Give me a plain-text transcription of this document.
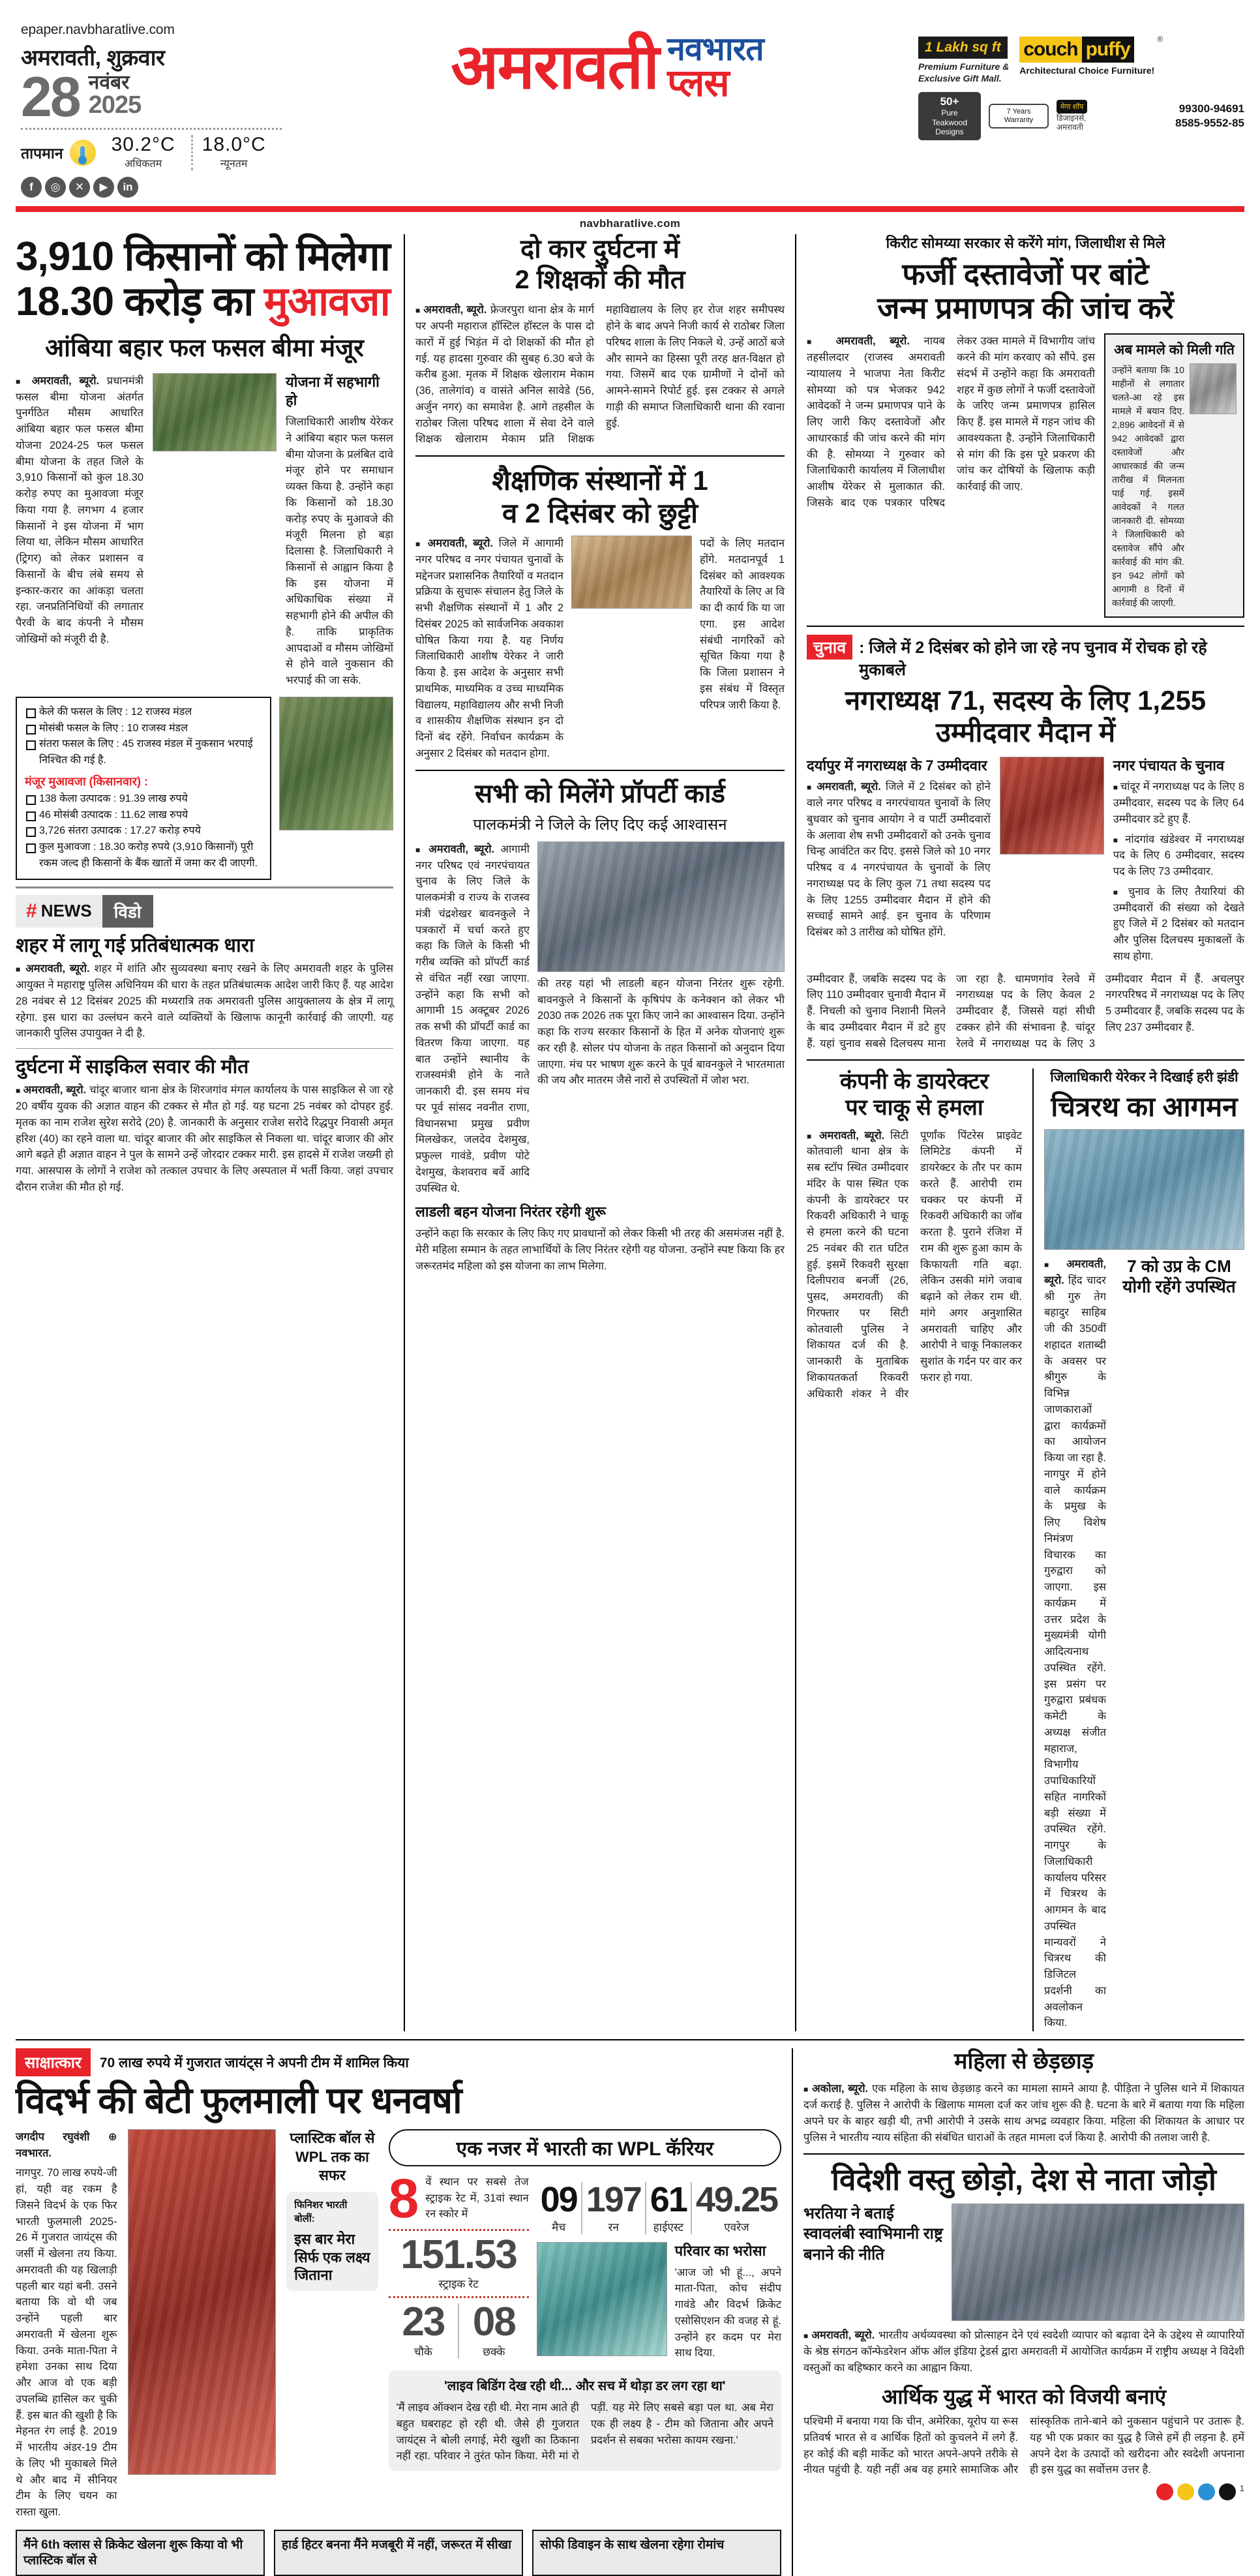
epaper.navbharatlive.com
अमरावती, शुक्रवार
28 नवंबर
2025
तापमान 30.2°C
अधिकतम
18.0°C
न्यूनतम
f	◎	✕	▶	in
अमरावती नवभारत
प्लस
1 Lakh sq ft
Premium Furniture &
Exclusive Gift Mall.
couch puffy	®
Architectural Choice Furniture!
50+
Pure Teakwood Designs
7 Years Warranty
मेगा शॉप
डिजाइनर्स,
अमरावती
99300-94691
8585-9552-85
navbharatlive.com
3,910 किसानों को मिलेगा
18.30 करोड़ का मुआवजा
आंबिया बहार फल फसल बीमा मंजूर

■ अमरावती, ब्यूरो. प्रधानमंत्री फसल बीमा योजना अंतर्गत पुनर्गठित मौसम आधारित आंबिया बहार फल फसल बीमा योजना 2024-25 फल फसल बीमा योजना के तहत जिले के 3,910 किसानों को कुल 18.30 करोड़ रुपए का मुआवजा मंजूर किया गया है. लगभग 4 हजार किसानों ने इस योजना में भाग लिया था, लेकिन मौसम आधारित (ट्रिगर) को लेकर प्रशासन व किसानों के बीच लंबे समय से इन्कार-करार का आंकड़ा चलता रहा. जनप्रतिनिधियों की लगातार पैरवी के बाद कंपनी ने मौसम जोखिमों को मंजूरी दी है.

योजना में सहभागी हो

जिलाधिकारी आशीष येरेकर ने आंबिया बहार फल फसल बीमा योजना के प्रलंबित दावे मंजूर होने पर समाधान व्यक्त किया है. उन्होंने कहा कि किसानों को 18.30 करोड़ रुपए के मुआवजे की मंजूरी मिलना हो बड़ा दिलासा है. जिलाधिकारी ने किसानों से आह्वान किया है कि इस योजना में अधिकाधिक संख्या में सहभागी होने की अपील की है. ताकि प्राकृतिक आपदाओं व मौसम जोखिमों से होने वाले नुकसान की भरपाई की जा सके.

केले की फसल के लिए : 12 राजस्व मंडल
मोसंबी फसल के लिए : 10 राजस्व मंडल
संतरा फसल के लिए : 45 राजस्व मंडल में नुकसान भरपाई निश्चित की गई है.
मंजूर मुआवजा (किसानवार) :
138 केला उत्पादक : 91.39 लाख रुपये
46 मोसंबी उत्पादक : 11.62 लाख रुपये
3,726 संतरा उत्पादक : 17.27 करोड़ रुपये
कुल मुआवजा : 18.30 करोड़ रुपये (3,910 किसानों) पूरी रकम जल्द ही किसानों के बैंक खातों में जमा कर दी जाएगी.
# NEWS	विडो
शहर में लागू गई प्रतिबंधात्मक धारा

■ अमरावती, ब्यूरो. शहर में शांति और सुव्यवस्था बनाए रखने के लिए अमरावती शहर के पुलिस आयुक्त ने महाराष्ट्र पुलिस अधिनियम की धारा के तहत प्रतिबंधात्मक आदेश जारी किए हैं. यह आदेश 28 नवंबर से 12 दिसंबर 2025 की मध्यरात्रि तक अमरावती पुलिस आयुक्तालय के क्षेत्र में लागू रहेगा. इस धारा का उल्लंघन करने वाले व्यक्तियों के खिलाफ कानूनी कार्रवाई की जाएगी. यह जानकारी पुलिस उपायुक्त ने दी है.

दुर्घटना में साइकिल सवार की मौत

■ अमरावती, ब्यूरो. चांदूर बाजार थाना क्षेत्र के शिरजगांव मंगल कार्यालय के पास साइकिल से जा रहे 20 वर्षीय युवक की अज्ञात वाहन की टक्कर से मौत हो गई. यह घटना 25 नवंबर को दोपहर हुई. मृतक का नाम राजेश सुरेश सरोदे (20) है. जानकारी के अनुसार राजेश सरोदे रिद्धपुर निवासी अमृत हरिश (40) का रहने वाला था. चांदूर बाजार की ओर साइकिल से निकला था. चांदूर बाजार की ओर आगे बढ़ते ही अज्ञात वाहन ने पुल के सामने उन्हें जोरदार टक्कर मारी. इस हादसे में राजेश जख्मी हो गया. आसपास के लोगों ने राजेश को तत्काल उपचार के लिए अस्पताल में भर्ती किया. जहां उपचार दौरान राजेश की मौत हो गई.

दो कार दुर्घटना में
2 शिक्षकों की मौत

■ अमरावती, ब्यूरो. फ्रेजरपुरा थाना क्षेत्र के मार्ग पर अपनी महाराज हॉस्टिल हॉस्टल के पास दो कारों में हुई भिड़ंत में दो शिक्षकों की मौत हो गई. यह हादसा गुरुवार की सुबह 6.30 बजे के करीब हुआ. मृतक में शिक्षक खेलाराम मेकाम (36, तालेगांव) व वासंते अनिल सावेडे (56, अर्जुन नगर) का समावेश है. आगे तहसील के राठोबर जिला परिषद शाला में सेवा देने वाले शिक्षक खेलाराम मेकाम प्रति शिक्षक महाविद्यालय के लिए हर रोज शहर समीपस्थ होने के बाद अपने निजी कार्य से राठोबर जिला परिषद शाला के लिए निकले थे. उन्हें आठों बजे और सामने का हिस्सा पूरी तरह क्षत-विक्षत हो गया. जिसमें बाद एक ग्रामीणों ने दोनों को आमने-सामने रिपोर्ट हुई. इस टक्कर से अगले गाड़ी की समाप्त जिलाधिकारी थाना की रवाना हुई.

शैक्षणिक संस्थानों में 1
व 2 दिसंबर को छुट्टी

■ अमरावती, ब्यूरो. जिले में आगामी नगर परिषद व नगर पंचायत चुनावों के मद्देनजर प्रशासनिक तैयारियों व मतदान प्रक्रिया के सुचारू संचालन हेतु जिले के सभी शैक्षणिक संस्थानों में 1 और 2 दिसंबर 2025 को सार्वजनिक अवकाश घोषित किया गया है. यह निर्णय जिलाधिकारी आशीष येरेकर ने जारी किया है. इस आदेश के अनुसार सभी प्राथमिक, माध्यमिक व उच्च माध्यमिक विद्यालय, महाविद्यालय और सभी निजी व शासकीय शैक्षणिक संस्थान इन दो दिनों बंद रहेंगे. निर्वाचन कार्यक्रम के अनुसार 2 दिसंबर को मतदान होगा.

पदों के लिए मतदान होंगे. मतदानपूर्व 1 दिसंबर को आवश्यक तैयारियों के लिए अ वि का दी कार्य कि या जा एगा. इस आदेश संबंधी नागरिकों को सूचित किया गया है कि जिला प्रशासन ने इस संबंध में विस्तृत परिपत्र जारी किया है.

सभी को मिलेंगे प्रॉपर्टी कार्ड
पालकमंत्री ने जिले के लिए दिए कई आश्वासन

■ अमरावती, ब्यूरो. आगामी नगर परिषद एवं नगरपंचायत चुनाव के लिए जिले के पालकमंत्री व राज्य के राजस्व मंत्री चंद्रशेखर बावनकुले ने पत्रकारों में चर्चा करते हुए कहा कि जिले के किसी भी गरीब व्यक्ति को प्रॉपर्टी कार्ड से वंचित नहीं रखा जाएगा. उन्होंने कहा कि सभी को आगामी 15 अक्टूबर 2026 तक सभी की प्रॉपर्टी कार्ड का वितरण किया जाएगा. यह बात उन्होंने स्थानीय के राजस्वमंत्री होने के नाते जानकारी दी. इस समय मंच पर पूर्व सांसद नवनीत राणा, विधानसभा प्रमुख प्रवीण मिलखेकर, जलदेव देशमुख, प्रफुल्ल गावंडे, प्रवीण पोटे देशमुख, केशवराव बर्वे आदि उपस्थित थे.

की तरह यहां भी लाडली बहन योजना निरंतर शुरू रहेगी. बावनकुले ने किसानों के कृषिपंप के कनेक्शन को लेकर भी 2030 तक 2026 तक पूरा किए जाने का आश्वासन दिया. उन्होंने कहा कि राज्य सरकार किसानों के हित में अनेक योजनाएं शुरू कर रही है. सोलर पंप योजना के तहत किसानों को अनुदान दिया जाएगा. मंच पर भाषण शुरू करने के पूर्व बावनकुले ने भारतमाता की जय और मातरम जैसे नारों से उपस्थितों में जोश भरा.

लाडली बहन योजना निरंतर रहेगी शुरू

उन्होंने कहा कि सरकार के लिए किए गए प्रावधानों को लेकर किसी भी तरह की असमंजस नहीं है. मेरी महिला सम्मान के तहत लाभार्थियों के लिए निरंतर रहेगी यह योजना. उन्होंने स्पष्ट किया कि हर जरूरतमंद महिला को इस योजना का लाभ मिलेगा.

किरीट सोमय्या सरकार से करेंगे मांग, जिलाधीश से मिले
फर्जी दस्तावेजों पर बांटे
जन्म प्रमाणपत्र की जांच करें

■ अमरावती, ब्यूरो. नायब तहसीलदार (राजस्व अमरावती न्यायालय ने भाजपा नेता किरीट सोमय्या को पत्र भेजकर 942 आवेदकों ने जन्म प्रमाणपत्र पाने के लिए जारी किए दस्तावेजों और आधारकार्ड की जांच करने की मांग की है. सोमय्या ने गुरुवार को जिलाधिकारी कार्यालय में जिलाधीश आशीष येरेकर से मुलाकात की. जिसके बाद एक पत्रकार परिषद लेकर उक्त मामले में विभागीय जांच करने की मांग करवाए को सौंपे. इस संदर्भ में उन्होंने कहा कि अमरावती शहर में कुछ लोगों ने फर्जी दस्तावेजों के जरिए जन्म प्रमाणपत्र हासिल किए हैं. इस मामले में गहन जांच की आवश्यकता है. उन्होंने जिलाधिकारी से मांग की कि इस पूरे प्रकरण की जांच कर दोषियों के खिलाफ कड़ी कार्रवाई की जाए.

अब मामले को मिली गति

उन्होंने बताया कि 10 माहीनों से लगातार चलते-आ रहे इस मामले में बयान दिए. 2,896 आवेदनों में से 942 आवेदकों द्वारा दस्तावेजों और आधारकार्ड की जन्म तारीख में मिलनता पाई गई. इसमें आवेदकों ने गलत जानकारी दी. सोमय्या ने जिलाधिकारी को दस्तावेज सौंपे और कार्रवाई की मांग की. इन 942 लोगों को आगामी 8 दिनों में कार्रवाई की जाएगी.

चुनाव : जिले में 2 दिसंबर को होने जा रहे नप चुनाव में रोचक हो रहे मुकाबले
नगराध्यक्ष 71, सदस्य के लिए 1,255 उम्मीदवार मैदान में
दर्यापुर में नगराध्यक्ष के 7 उम्मीदवार

■ अमरावती, ब्यूरो. जिले में 2 दिसंबर को होने वाले नगर परिषद व नगरपंचायत चुनावों के लिए बुधवार को चुनाव आयोग ने व पार्टी उम्मीदवारों के अलावा शेष सभी उम्मीदवारों को उनके चुनाव चिन्ह आवंटित कर दिए. इससे जिले को 10 नगर परिषद व 4 नगरपंचायत के चुनावों के लिए नगराध्यक्ष पद के लिए कुल 71 तथा सदस्य पद के लिए 1255 उम्मीदवार मैदान में होने की सच्चाई सामने आई. इन चुनाव के परिणाम दिसंबर को 3 तारीख को घोषित होंगे.

नगर पंचायत के चुनाव
■ चांदूर में नगराध्यक्ष पद के लिए 8 उम्मीदवार, सदस्य पद के लिए 64 उम्मीदवार डटे हुए हैं.
■ नांदगांव खंडेश्वर में नगराध्यक्ष पद के लिए 6 उम्मीदवार, सदस्य पद के लिए 73 उम्मीदवार.
■ चुनाव के लिए तैयारियां की उम्मीदवारों की संख्या को देखते हुए जिले में 2 दिसंबर को मतदान और पुलिस दिलचस्प मुकाबलों के साथ होगा.

उम्मीदवार हैं, जबकि सदस्य पद के लिए 110 उम्मीदवार चुनावी मैदान में हैं. निचली को चुनाव निशानी मिलने के बाद उम्मीदवार मैदान में डटे हुए हैं. यहां चुनाव सबसे दिलचस्प माना जा रहा है. धामणगांव रेलवे में नगराध्यक्ष पद के लिए केवल 2 उम्मीदवार हैं, जिससे यहां सीधी टक्कर होने की संभावना है. चांदूर रेलवे में नगराध्यक्ष पद के लिए 3 उम्मीदवार मैदान में हैं. अचलपुर नगरपरिषद में नगराध्यक्ष पद के लिए 5 उम्मीदवार हैं, जबकि सदस्य पद के लिए 237 उम्मीदवार हैं.

कंपनी के डायरेक्टर
पर चाकू से हमला

■ अमरावती, ब्यूरो. सिटी कोतवाली थाना क्षेत्र के सब स्टॉप स्थित उम्मीदवार मंदिर के पास स्थित एक कंपनी के डायरेक्टर पर रिकवरी अधिकारी ने चाकू से हमला करने की घटना 25 नवंबर की रात घटित हुई. इसमें रिकवरी सुरक्षा दिलीपराव बनर्जी (26, पुसद, अमरावती) की गिरफ्तार पर सिटी कोतवाली पुलिस ने शिकायत दर्ज की है. जानकारी के मुताबिक शिकायतकर्ता रिकवरी अधिकारी शंकर ने वीर पूर्णांक पिंटरेस प्राइवेट लिमिटेड कंपनी में डायरेक्टर के तौर पर काम करते हैं. आरोपी राम चक्कर पर कंपनी में रिकवरी अधिकारी का जॉब करता है. पुराने रंजिश में राम की शुरू हुआ काम के किफायती गति बढ़ा. लेकिन उसकी मांगे जवाब बढ़ाने को लेकर राम थी. मांगे अगर अनुशासित अमरावती चाहिए और आरोपी ने चाकू निकालकर सुशांत के गर्दन पर वार कर फरार हो गया.

जिलाधिकारी येरेकर ने दिखाई हरी झंडी
चित्ररथ का आगमन

■ अमरावती, ब्यूरो. हिंद चादर श्री गुरु तेग बहादुर साहिब जी की 350वीं शहादत शताब्दी के अवसर पर श्रीगुरु के विभिन्न जाणकाराओं द्वारा कार्यक्रमों का आयोजन किया जा रहा है. नागपुर में होने वाले कार्यक्रम के प्रमुख के लिए विशेष निमंत्रण विचारक का गुरुद्वारा को जाएगा. इस कार्यक्रम में उत्तर प्रदेश के मुख्यमंत्री योगी आदित्यनाथ उपस्थित रहेंगे. इस प्रसंग पर गुरुद्वारा प्रबंधक कमेटी के अध्यक्ष संजीत महाराज, विभागीय उपाधिकारियों सहित नागरिकों बड़ी संख्या में उपस्थित रहेंगे. नागपुर के जिलाधिकारी कार्यालय परिसर में चित्ररथ के आगमन के बाद उपस्थित मान्यवरों ने चित्ररथ की डिजिटल प्रदर्शनी का अवलोकन किया.

7 को उप्र के CM योगी रहेंगे उपस्थित
साक्षात्कार	70 लाख रुपये में गुजरात जायंट्स ने अपनी टीम में शामिल किया
विदर्भ की बेटी फुलमाली पर धनवर्षा
जगदीप रघुवंशी ⊕ नवभारत.

नागपुर. 70 लाख रुपये-जी हां, यही वह रकम है जिसने विदर्भ के एक फिर भारती फुलमाली 2025-26 में गुजरात जायंट्स की जर्सी में खेलना तय किया. अमरावती की यह खिलाड़ी पहली बार यहां बनी. उसने बताया कि वो थी जब उन्होंने पहली बार अमरावती में खेलना शुरू किया. उनके माता-पिता ने हमेशा उनका साथ दिया और आज वो एक बड़ी उपलब्धि हासिल कर चुकी हैं. इस बात की खुशी है कि मेहनत रंग लाई है. 2019 में भारतीय अंडर-19 टीम के लिए भी मुकाबले मिले थे और बाद में सीनियर टीम के लिए चयन का रास्ता खुला.

प्लास्टिक बॉल से WPL तक का सफर
फिनिशर भारती बोलीं:
इस बार मेरा सिर्फ एक लक्ष्य जिताना
एक नजर में भारती का WPL कॅरियर
8 वें स्थान पर सबसे तेज स्ट्राइक रेट में, 31वां स्थान रन स्कोर में
151.53
स्ट्राइक रेट
23
चौके
08
छक्के
09
मैच
197
रन
61
हाईएस्ट
49.25
एवरेज
परिवार का भरोसा

'आज जो भी हूं..., अपने माता-पिता, कोच संदीप गावंडे और विदर्भ क्रिकेट एसोसिएशन की वजह से हूं. उन्होंने हर कदम पर मेरा साथ दिया.

'लाइव बिडिंग देख रही थी... और सच में थोड़ा डर लग रहा था'
'मैं लाइव ऑक्शन देख रही थी. मेरा नाम आते ही बहुत घबराहट हो रही थी. जैसे ही गुजरात जायंट्स ने बोली लगाई, मेरी खुशी का ठिकाना नहीं रहा. परिवार ने तुरंत फोन किया. मेरी मां रो पड़ीं. यह मेरे लिए सबसे बड़ा पल था. अब मेरा एक ही लक्ष्य है - टीम को जिताना और अपने प्रदर्शन से सबका भरोसा कायम रखना.'
मैंने 6th क्लास से क्रिकेट खेलना शुरू किया वो भी प्लास्टिक बॉल से
हार्ड हिटर बनना मैंने मजबूरी में नहीं, जरूरत में सीखा	सोफी डिवाइन के साथ खेलना रहेगा रोमांच
महिला से छेड़छाड़

■ अकोला, ब्यूरो. एक महिला के साथ छेड़छाड़ करने का मामला सामने आया है. पीड़िता ने पुलिस थाने में शिकायत दर्ज कराई है. पुलिस ने आरोपी के खिलाफ मामला दर्ज कर जांच शुरू की है. घटना के बारे में बताया गया कि महिला अपने घर के बाहर खड़ी थी, तभी आरोपी ने उसके साथ अभद्र व्यवहार किया. महिला की शिकायत के आधार पर पुलिस ने भारतीय न्याय संहिता की संबंधित धाराओं के तहत मामला दर्ज किया है. आरोपी की तलाश जारी है.

विदेशी वस्तु छोड़ो, देश से नाता जोड़ो
भरतिया ने बताई स्वावलंबी स्वाभिमानी राष्ट्र बनाने की नीति

■ अमरावती, ब्यूरो. भारतीय अर्थव्यवस्था को प्रोत्साहन देने एवं स्वदेशी व्यापार को बढ़ावा देने के उद्देश्य से व्यापारियों के श्रेष्ठ संगठन कॉन्फेडरेशन ऑफ ऑल इंडिया ट्रेडर्स द्वारा अमरावती में आयोजित कार्यक्रम में राष्ट्रीय अध्यक्ष ने विदेशी वस्तुओं का बहिष्कार करने का आह्वान किया.

आर्थिक युद्ध में भारत को विजयी बनाएं

पश्चिमी में बनाया गया कि चीन, अमेरिका, यूरोप या रूस प्रतिवर्ष भारत से व आर्थिक हितों को कुचलने में लगे हैं. हर कोई की बड़ी मार्केट को भारत अपने-अपने तरीके से नीयत पहुंची है. यही नहीं अब वह हमारे सामाजिक और सांस्कृतिक ताने-बाने को नुकसान पहुंचाने पर उतारू है. यह भी एक प्रकार का युद्ध है जिसे हमें ही लड़ना है. हमें अपने देश के उत्पादों को खरीदना और स्वदेशी अपनाना ही इस युद्ध का सर्वोत्तम उत्तर है.

1
